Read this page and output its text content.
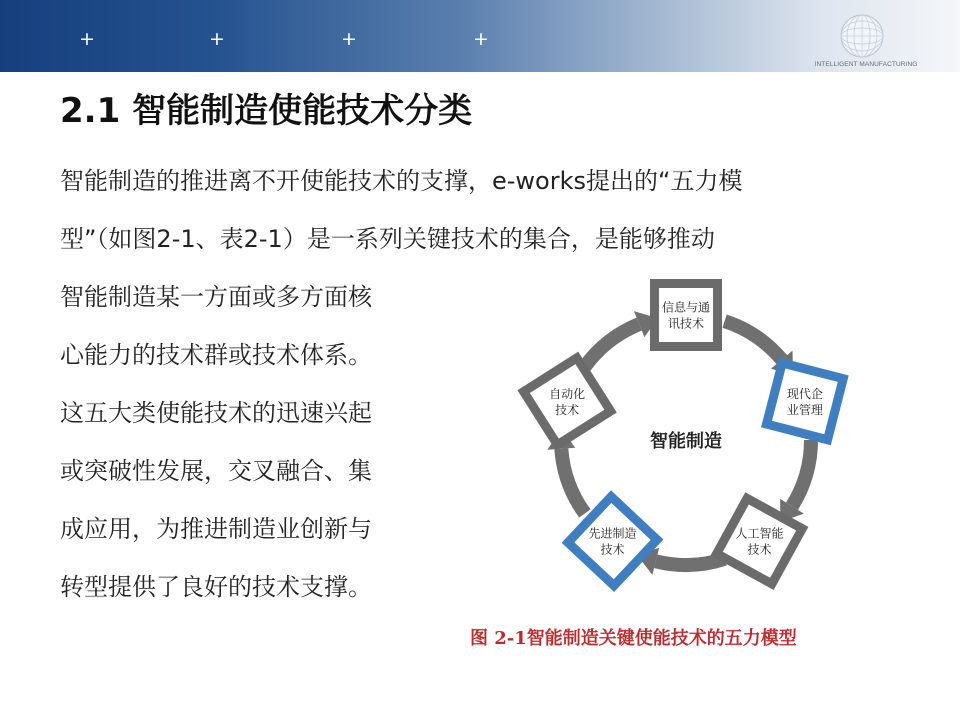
+	+	+	+
INTELLIGENT MANUFACTURING
2.1 智能制造使能技术分类
智能制造的推进离不开使能技术的支撑，e-works提出的“五力模
型”（如图2-1、表2-1）是一系列关键技术的集合，是能够推动
智能制造某一方面或多方面核
心能力的技术群或技术体系。
这五大类使能技术的迅速兴起
或突破性发展，交叉融合、集
成应用，为推进制造业创新与
转型提供了良好的技术支撑。
信息与通
讯技术
现代企
业管理
人工智能
技术
先进制造
技术
自动化
技术
智能制造
图 2-1智能制造关键使能技术的五力模型
